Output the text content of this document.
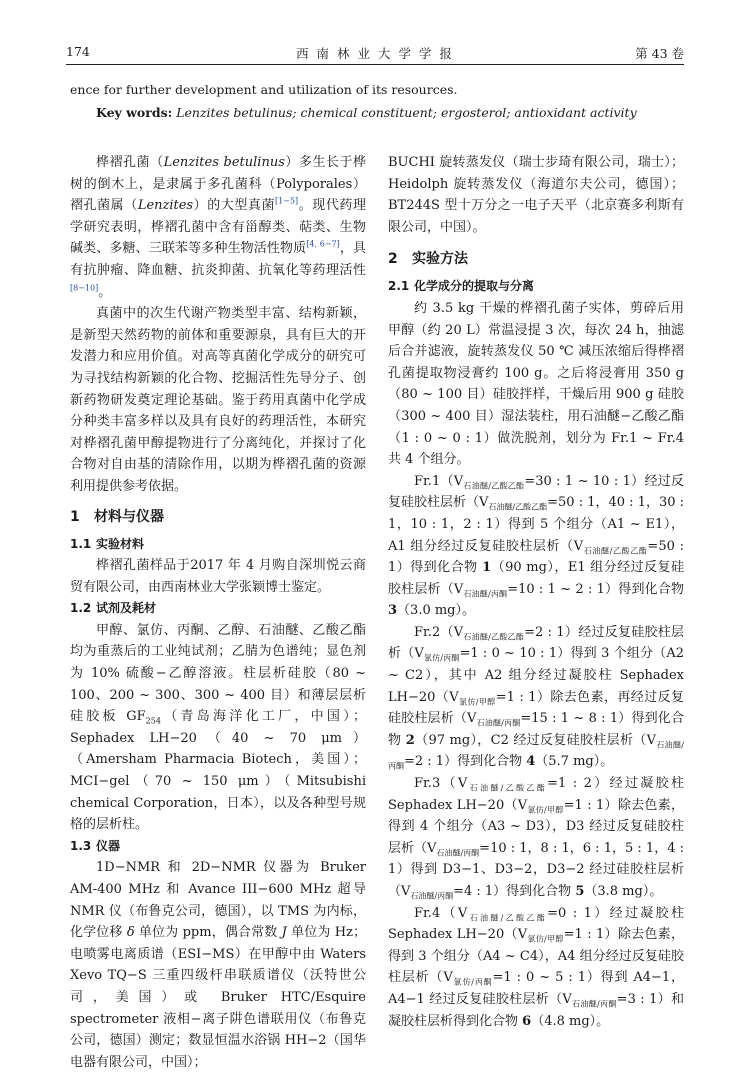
174	西 南 林 业 大 学 学 报	第 43 卷
ence for further development and utilization of its resources.
Key words: Lenzites betulinus; chemical constituent; ergosterol; antioxidant activity

桦褶孔菌（Lenzites betulinus）多生长于桦树的倒木上，是隶属于多孔菌科（Polyporales）褶孔菌属（Lenzites）的大型真菌[1−5]。现代药理学研究表明，桦褶孔菌中含有甾醇类、萜类、生物碱类、多糖、三联苯等多种生物活性物质[4, 6−7]，具有抗肿瘤、降血糖、抗炎抑菌、抗氧化等药理活性[8−10]。

真菌中的次生代谢产物类型丰富、结构新颖，是新型天然药物的前体和重要源泉，具有巨大的开发潜力和应用价值。对高等真菌化学成分的研究可为寻找结构新颖的化合物、挖掘活性先导分子、创新药物研发奠定理论基础。鉴于药用真菌中化学成分种类丰富多样以及具有良好的药理活性，本研究对桦褶孔菌甲醇提物进行了分离纯化，并探讨了化合物对自由基的清除作用，以期为桦褶孔菌的资源利用提供参考依据。

1 材料与仪器
1.1 实验材料

桦褶孔菌样品于2017 年 4 月购自深圳悦云商贸有限公司，由西南林业大学张颖博士鉴定。

1.2 试剂及耗材

甲醇、氯仿、丙酮、乙醇、石油醚、乙酸乙酯均为重蒸后的工业纯试剂；乙腈为色谱纯；显色剂为 10% 硫酸−乙醇溶液。柱层析硅胶（80 ~ 100、200 ~ 300、300 ~ 400 目）和薄层层析硅胶板 $GF_{254}$（青岛海洋化工厂，中国）；Sephadex LH−20（40 ~ 70 μm）（Amersham Pharmacia Biotech，美国）；MCI−gel（70 ~ 150 μm）（Mitsubishi chemical Corporation，日本），以及各种型号规格的层析柱。

1.3 仪器

1D−NMR 和 2D−NMR 仪器为 Bruker AM-400 MHz 和 Avance III−600 MHz 超导 NMR 仪（布鲁克公司，德国），以 TMS 为内标，化学位移 δ 单位为 ppm，偶合常数 J 单位为 Hz；电喷雾电离质谱（ESI−MS）在甲醇中由 Waters Xevo TQ−S 三重四级杆串联质谱仪（沃特世公司，美国）或 Bruker HTC/Esquire spectrometer 液相−离子阱色谱联用仪（布鲁克公司，德国）测定；数显恒温水浴锅 HH−2（国华电器有限公司，中国）；

BUCHI 旋转蒸发仪（瑞士步琦有限公司，瑞士）；Heidolph 旋转蒸发仪（海道尔夫公司，德国）；BT244S 型十万分之一电子天平（北京赛多利斯有限公司，中国）。

2 实验方法
2.1 化学成分的提取与分离

约 3.5 kg 干燥的桦褶孔菌子实体，剪碎后用甲醇（约 20 L）常温浸提 3 次，每次 24 h，抽滤后合并滤液，旋转蒸发仪 50 ℃ 减压浓缩后得桦褶孔菌提取物浸膏约 100 g。之后将浸膏用 350 g（80 ~ 100 目）硅胶拌样，干燥后用 900 g 硅胶（300 ~ 400 目）湿法装柱，用石油醚−乙酸乙酯（1 : 0 ~ 0 : 1）做洗脱剂，划分为 Fr.1 ~ Fr.4 共 4 个组分。

$Fr.1(V_{石油醚/乙酸乙酯}=30$ : 1 ~ 10 : 1）经过反复硅胶柱层析（$V_{石油醚/乙酸乙酯}=50$ : 1，40 : 1，30 : 1，10 : 1，2 : 1）得到 5 个组分（A1 ~ E1），A1 组分经过反复硅胶柱层析（$V_{石油醚/乙酸乙酯}=50$ : 1）得到化合物 1（90 mg），E1 组分经过反复硅胶柱层析（$V_{石油醚/丙酮}=10$ : 1 ~ 2 : 1）得到化合物 3（3.0 mg）。

$Fr.2(V_{石油醚/乙酸乙酯}=2$ : 1）经过反复硅胶柱层析（$V_{氯仿/丙酮}=1$ : 0 ~ 10 : 1）得到 3 个组分（A2 ~ C2），其中 A2 组分经过凝胶柱 Sephadex $LH-20(V_{氯仿/甲醇}=1$ : 1）除去色素，再经过反复硅胶柱层析（$V_{石油醚/丙酮}=15$ : 1 ~ 8 : 1）得到化合物 2（97 mg），C2 经过反复硅胶柱层析（$V_{石油醚/丙酮}=2$ : 1）得到化合物 4（5.7 mg）。

$Fr.3(V_{石油醚/乙酸乙酯}=1$ : 2）经过凝胶柱 Sephadex $LH-20(V_{氯仿/甲醇}=1$ : 1）除去色素，得到 4 个组分（A3 ~ D3），D3 经过反复硅胶柱层析（$V_{石油醚/丙酮}=10$ : 1，8 : 1，6 : 1，5 : 1，4 : 1）得到 D3−1、D3−2，D3−2 经过硅胶柱层析（$V_{石油醚/丙酮}=4$ : 1）得到化合物 5（3.8 mg）。

$Fr.4(V_{石油醚/乙酸乙酯}=0$ : 1）经过凝胶柱 Sephadex $LH-20(V_{氯仿/甲醇}=1$ : 1）除去色素，得到 3 个组分（A4 ~ C4），A4 组分经过反复硅胶柱层析（$V_{氯仿/丙酮}=1$ : 0 ~ 5 : 1）得到 A4−1，A4−1 经过反复硅胶柱层析（$V_{石油醚/丙酮}=3$ : 1）和凝胶柱层析得到化合物 6（4.8 mg）。
